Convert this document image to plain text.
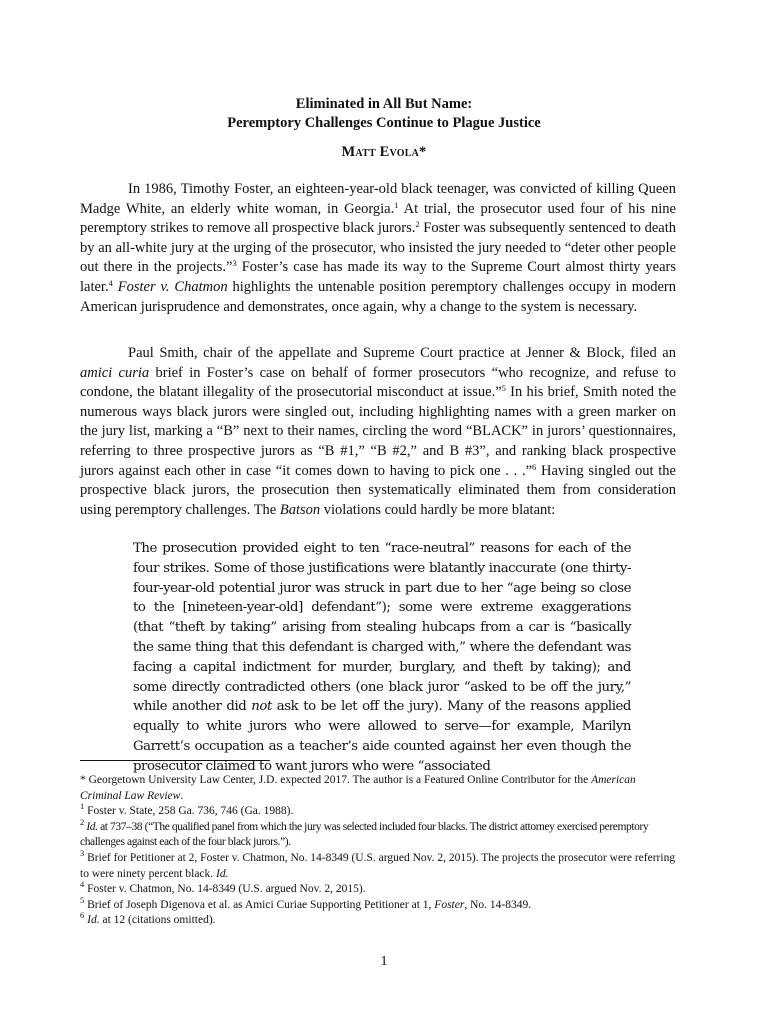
Eliminated in All But Name:
Peremptory Challenges Continue to Plague Justice
Matt Evola*
In 1986, Timothy Foster, an eighteen-year-old black teenager, was convicted of killing Queen Madge White, an elderly white woman, in Georgia.$^1$ At trial, the prosecutor used four of his nine peremptory strikes to remove all prospective black jurors.$^2$ Foster was subsequently sentenced to death by an all-white jury at the urging of the prosecutor, who insisted the jury needed to “deter other people out there in the projects.”$^3$ Foster’s case has made its way to the Supreme Court almost thirty years later.$^4$ Foster v. Chatmon highlights the untenable position peremptory challenges occupy in modern American jurisprudence and demonstrates, once again, why a change to the system is necessary.
Paul Smith, chair of the appellate and Supreme Court practice at Jenner & Block, filed an amici curia brief in Foster’s case on behalf of former prosecutors “who recognize, and refuse to condone, the blatant illegality of the prosecutorial misconduct at issue.”$^5$ In his brief, Smith noted the numerous ways black jurors were singled out, including highlighting names with a green marker on the jury list, marking a “B” next to their names, circling the word “BLACK” in jurors’ questionnaires, referring to three prospective jurors as “B #1,” “B #2,” and B #3”, and ranking black prospective jurors against each other in case “it comes down to having to pick one . . .”$^6$ Having singled out the prospective black jurors, the prosecution then systematically eliminated them from consideration using peremptory challenges. The Batson violations could hardly be more blatant:
The prosecution provided eight to ten “race-neutral” reasons for each of the four strikes. Some of those justifications were blatantly inaccurate (one thirty-four-year-old potential juror was struck in part due to her “age being so close to the [nineteen-year-old] defendant”); some were extreme exaggerations (that “theft by taking” arising from stealing hubcaps from a car is “basically the same thing that this defendant is charged with,” where the defendant was facing a capital indictment for murder, burglary, and theft by taking); and some directly contradicted others (one black juror “asked to be off the jury,” while another did not ask to be let off the jury). Many of the reasons applied equally to white jurors who were allowed to serve—for example, Marilyn Garrett’s occupation as a teacher’s aide counted against her even though the prosecutor claimed to want jurors who were “associated
* Georgetown University Law Center, J.D. expected 2017. The author is a Featured Online Contributor for the American Criminal Law Review.
$^1$ Foster v. State, 258 Ga. 736, 746 (Ga. 1988).
$^2$ Id. at 737–38 (“The qualified panel from which the jury was selected included four blacks. The district attorney exercised peremptory challenges against each of the four black jurors.”).
$^3$ Brief for Petitioner at 2, Foster v. Chatmon, No. 14-8349 (U.S. argued Nov. 2, 2015). The projects the prosecutor were referring to were ninety percent black. Id.
$^4$ Foster v. Chatmon, No. 14-8349 (U.S. argued Nov. 2, 2015).
$^5$ Brief of Joseph Digenova et al. as Amici Curiae Supporting Petitioner at 1, Foster, No. 14-8349.
$^6$ Id. at 12 (citations omitted).
1
